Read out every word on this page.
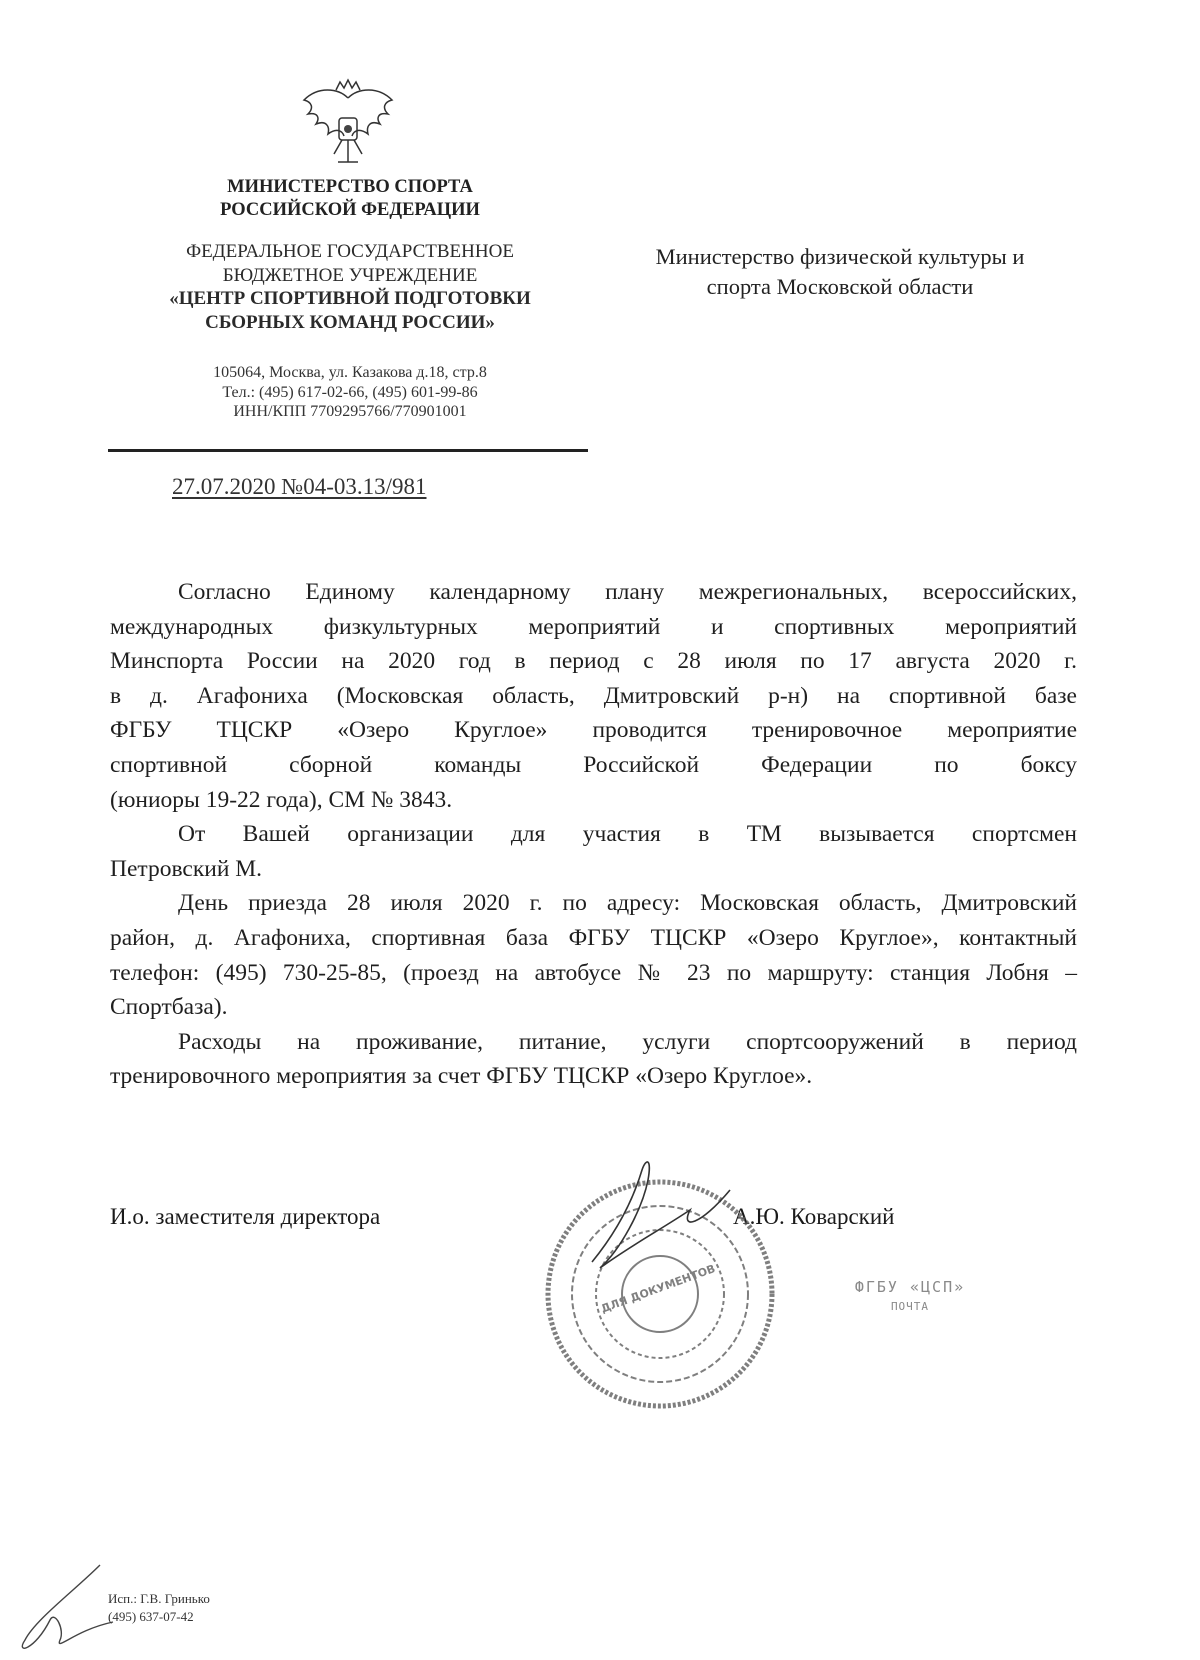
МИНИСТЕРСТВО СПОРТА
РОССИЙСКОЙ ФЕДЕРАЦИИ
ФЕДЕРАЛЬНОЕ ГОСУДАРСТВЕННОЕ
БЮДЖЕТНОЕ УЧРЕЖДЕНИЕ
«ЦЕНТР СПОРТИВНОЙ ПОДГОТОВКИ
СБОРНЫХ КОМАНД РОССИИ»
105064, Москва, ул. Казакова д.18, стр.8
Тел.: (495) 617-02-66, (495) 601-99-86
ИНН/КПП 7709295766/770901001
27.07.2020 №04-03.13/981
Министерство физической культуры и
спорта Московской области
Согласно Единому календарному плану межрегиональных, всероссийских,
международных физкультурных мероприятий и спортивных мероприятий
Минспорта России на 2020 год в период с 28 июля по 17 августа 2020 г.
в д. Агафониха (Московская область, Дмитровский р-н) на спортивной базе
ФГБУ ТЦСКР «Озеро Круглое» проводится тренировочное мероприятие
спортивной сборной команды Российской Федерации по боксу
(юниоры 19-22 года), СМ № 3843.
От Вашей организации для участия в ТМ вызывается спортсмен
Петровский М.
День приезда 28 июля 2020 г. по адресу: Московская область, Дмитровский
район, д. Агафониха, спортивная база ФГБУ ТЦСКР «Озеро Круглое», контактный
телефон: (495) 730-25-85, (проезд на автобусе № 23 по маршруту: станция Лобня –
Спортбаза).
Расходы на проживание, питание, услуги спортсооружений в период
тренировочного мероприятия за счет ФГБУ ТЦСКР «Озеро Круглое».
И.о. заместителя директора	А.Ю. Коварский
ДЛЯ ДОКУМЕНТОВ	ФГБУ «ЦСП»
ПОЧТА
Исп.: Г.В. Гринько
(495) 637-07-42
